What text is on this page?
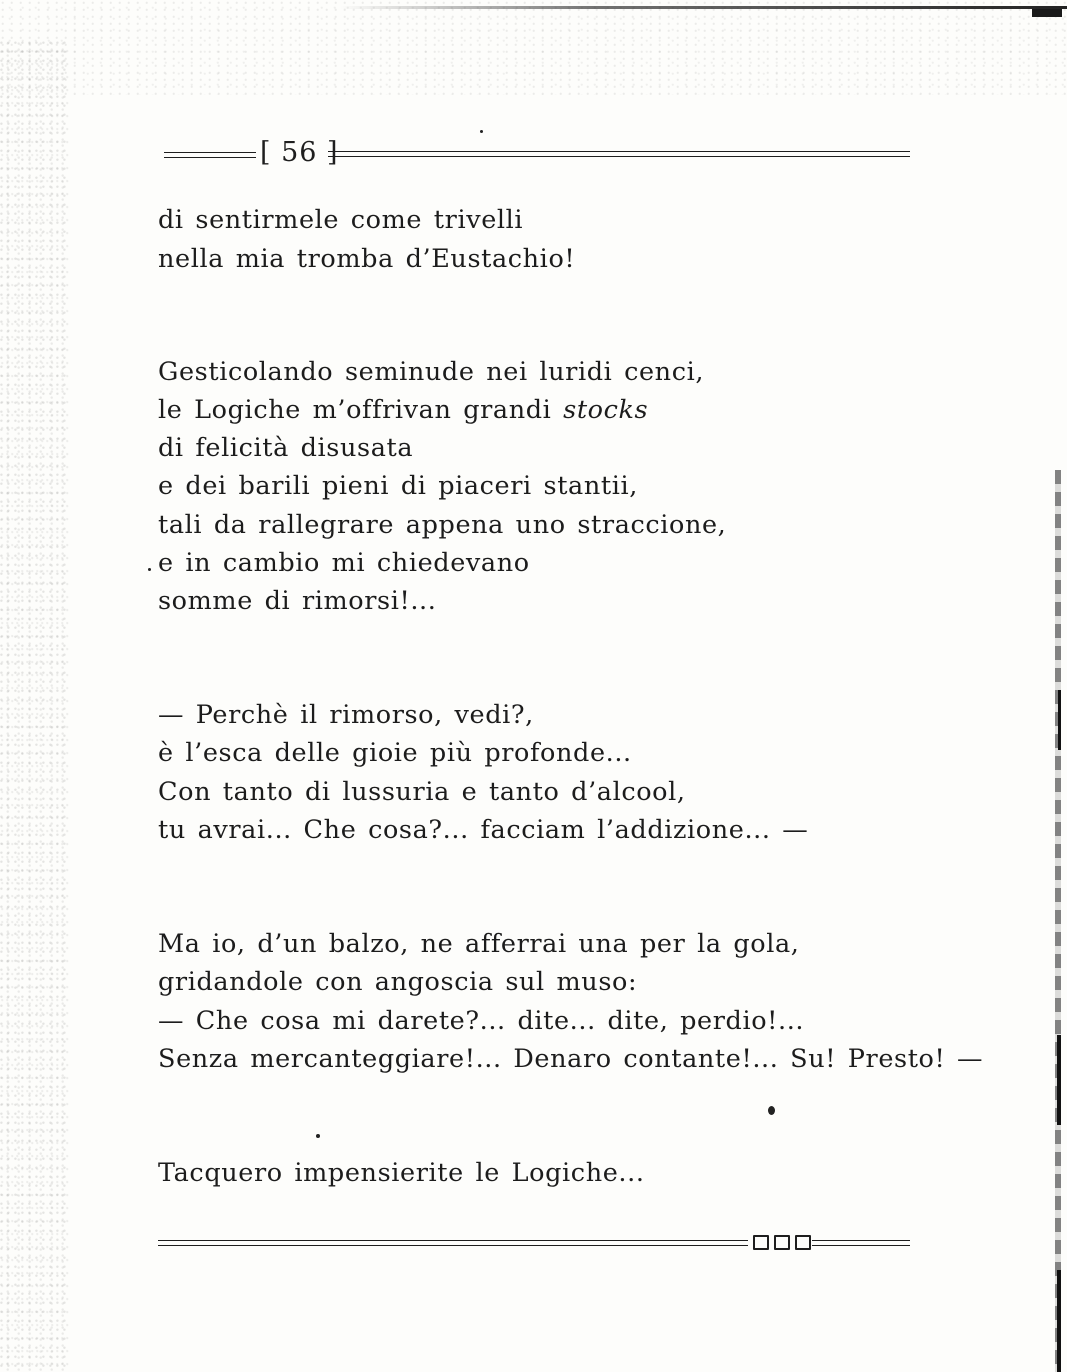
[ 56 ]
di sentirmele come trivelli
nella mia tromba d’Eustachio!
Gesticolando seminude nei luridi cenci,
le Logiche m’offrivan grandi stocks
di felicità disusata
e dei barili pieni di piaceri stantii,
tali da rallegrare appena uno straccione,
e in cambio mi chiedevano
somme di rimorsi!...
— Perchè il rimorso, vedi?,
è l’esca delle gioie più profonde...
Con tanto di lussuria e tanto d’alcool,
tu avrai... Che cosa?... facciam l’addizione... —
Ma io, d’un balzo, ne afferrai una per la gola,
gridandole con angoscia sul muso:
— Che cosa mi darete?... dite... dite, perdio!...
Senza mercanteggiare!... Denaro contante!... Su! Presto! —
Tacquero impensierite le Logiche...
